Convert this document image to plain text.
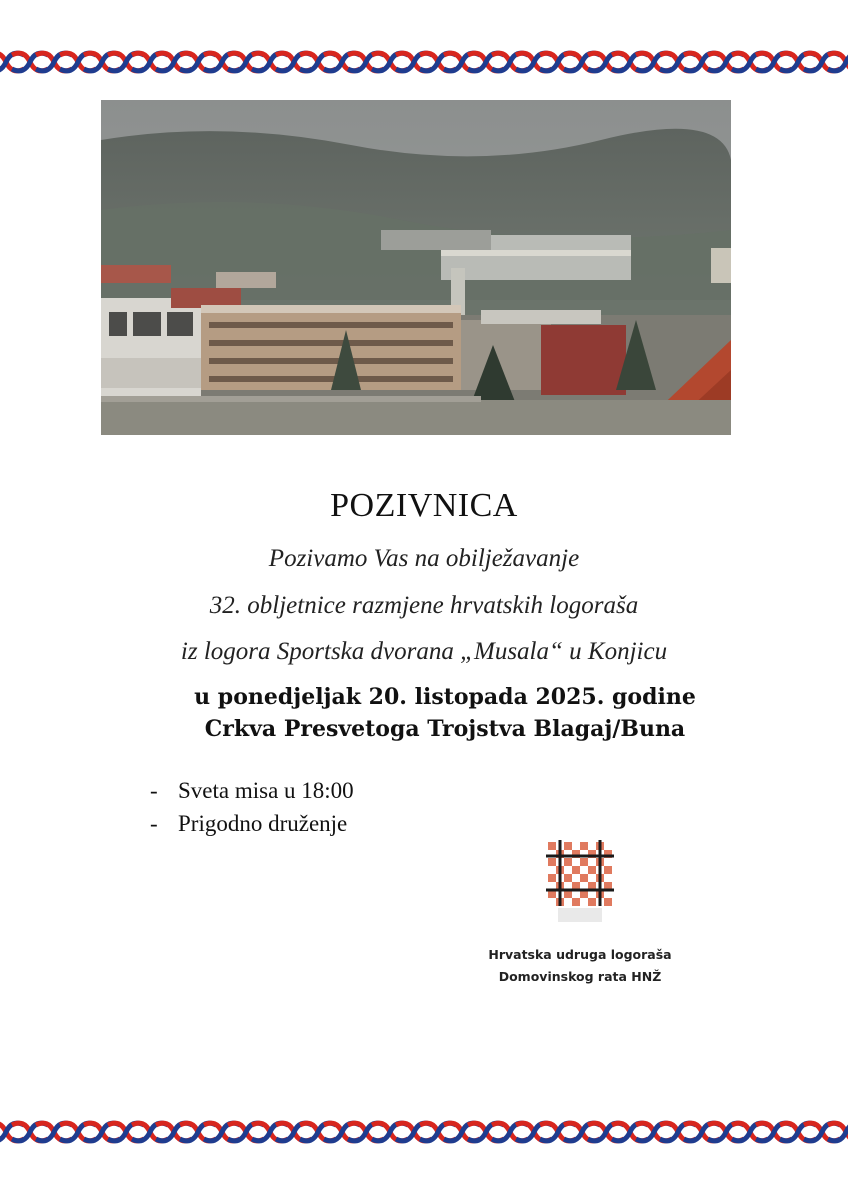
POZIVNICA
Pozivamo Vas na obilježavanje
32. obljetnice razmjene hrvatskih logoraša
iz logora Sportska dvorana „Musala“ u Konjicu
u ponedjeljak 20. listopada 2025. godine
Crkva Presvetoga Trojstva Blagaj/Buna
- Sveta misa u 18:00
- Prigodno druženje
Hrvatska udruga logoraša
Domovinskog rata HNŽ
